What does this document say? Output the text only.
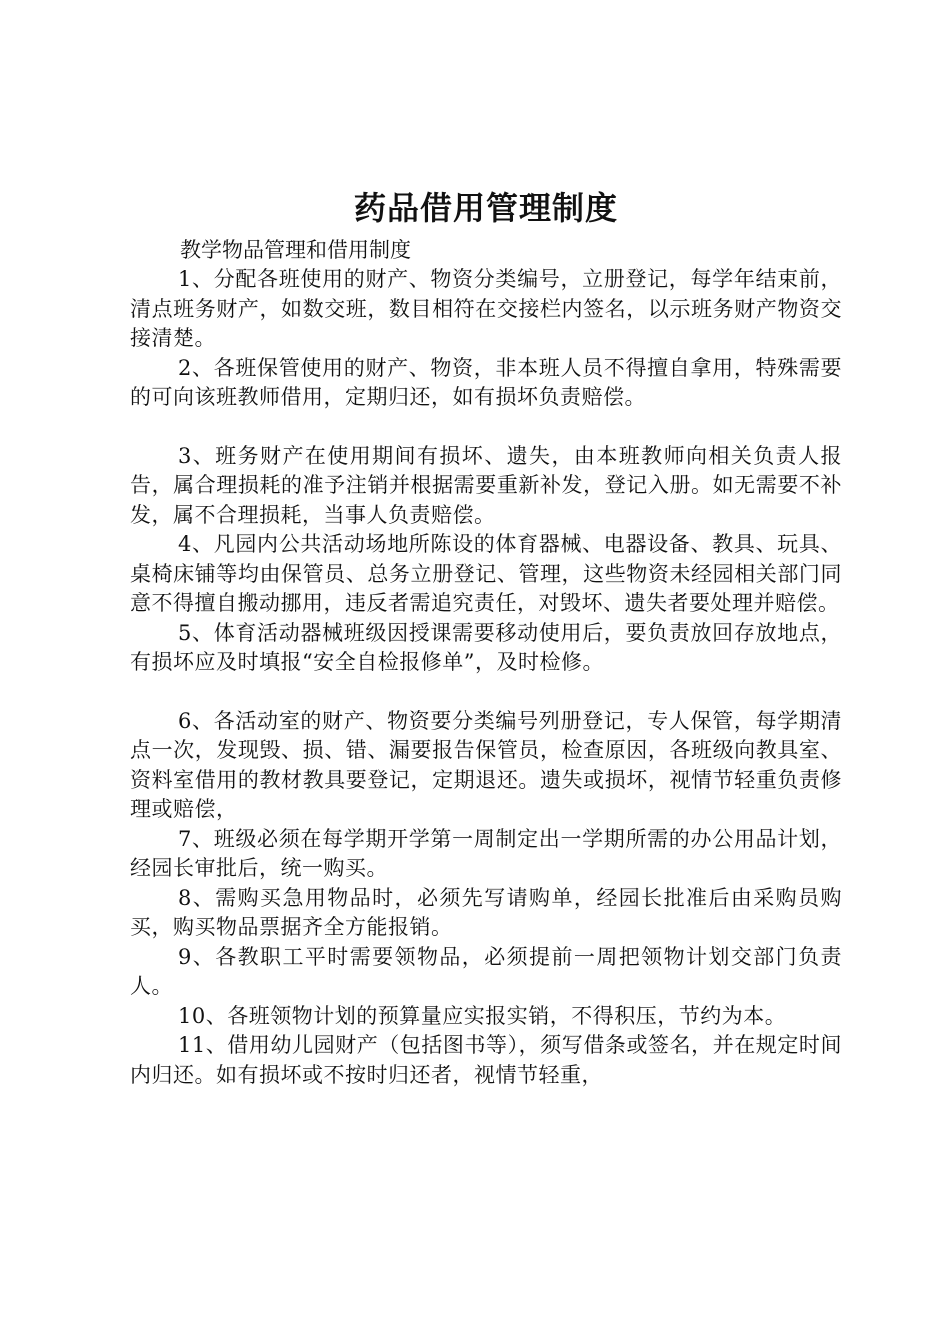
药品借用管理制度

教学物品管理和借用制度

1、分配各班使用的财产、物资分类编号，立册登记，每学年结束前，清点班务财产，如数交班，数目相符在交接栏内签名，以示班务财产物资交接清楚。

2、各班保管使用的财产、物资，非本班人员不得擅自拿用，特殊需要的可向该班教师借用，定期归还，如有损坏负责赔偿。

3、班务财产在使用期间有损坏、遗失，由本班教师向相关负责人报告，属合理损耗的准予注销并根据需要重新补发，登记入册。如无需要不补发，属不合理损耗，当事人负责赔偿。

4、凡园内公共活动场地所陈设的体育器械、电器设备、教具、玩具、桌椅床铺等均由保管员、总务立册登记、管理，这些物资未经园相关部门同意不得擅自搬动挪用，违反者需追究责任，对毁坏、遗失者要处理并赔偿。

5、体育活动器械班级因授课需要移动使用后，要负责放回存放地点，有损坏应及时填报“安全自检报修单”，及时检修。

6、各活动室的财产、物资要分类编号列册登记，专人保管，每学期清点一次，发现毁、损、错、漏要报告保管员，检查原因，各班级向教具室、资料室借用的教材教具要登记，定期退还。遗失或损坏，视情节轻重负责修理或赔偿，

7、班级必须在每学期开学第一周制定出一学期所需的办公用品计划，经园长审批后，统一购买。

8、需购买急用物品时，必须先写请购单，经园长批准后由采购员购买，购买物品票据齐全方能报销。

9、各教职工平时需要领物品，必须提前一周把领物计划交部门负责人。

10、各班领物计划的预算量应实报实销，不得积压，节约为本。

11、借用幼儿园财产（包括图书等），须写借条或签名，并在规定时间内归还。如有损坏或不按时归还者，视情节轻重，
